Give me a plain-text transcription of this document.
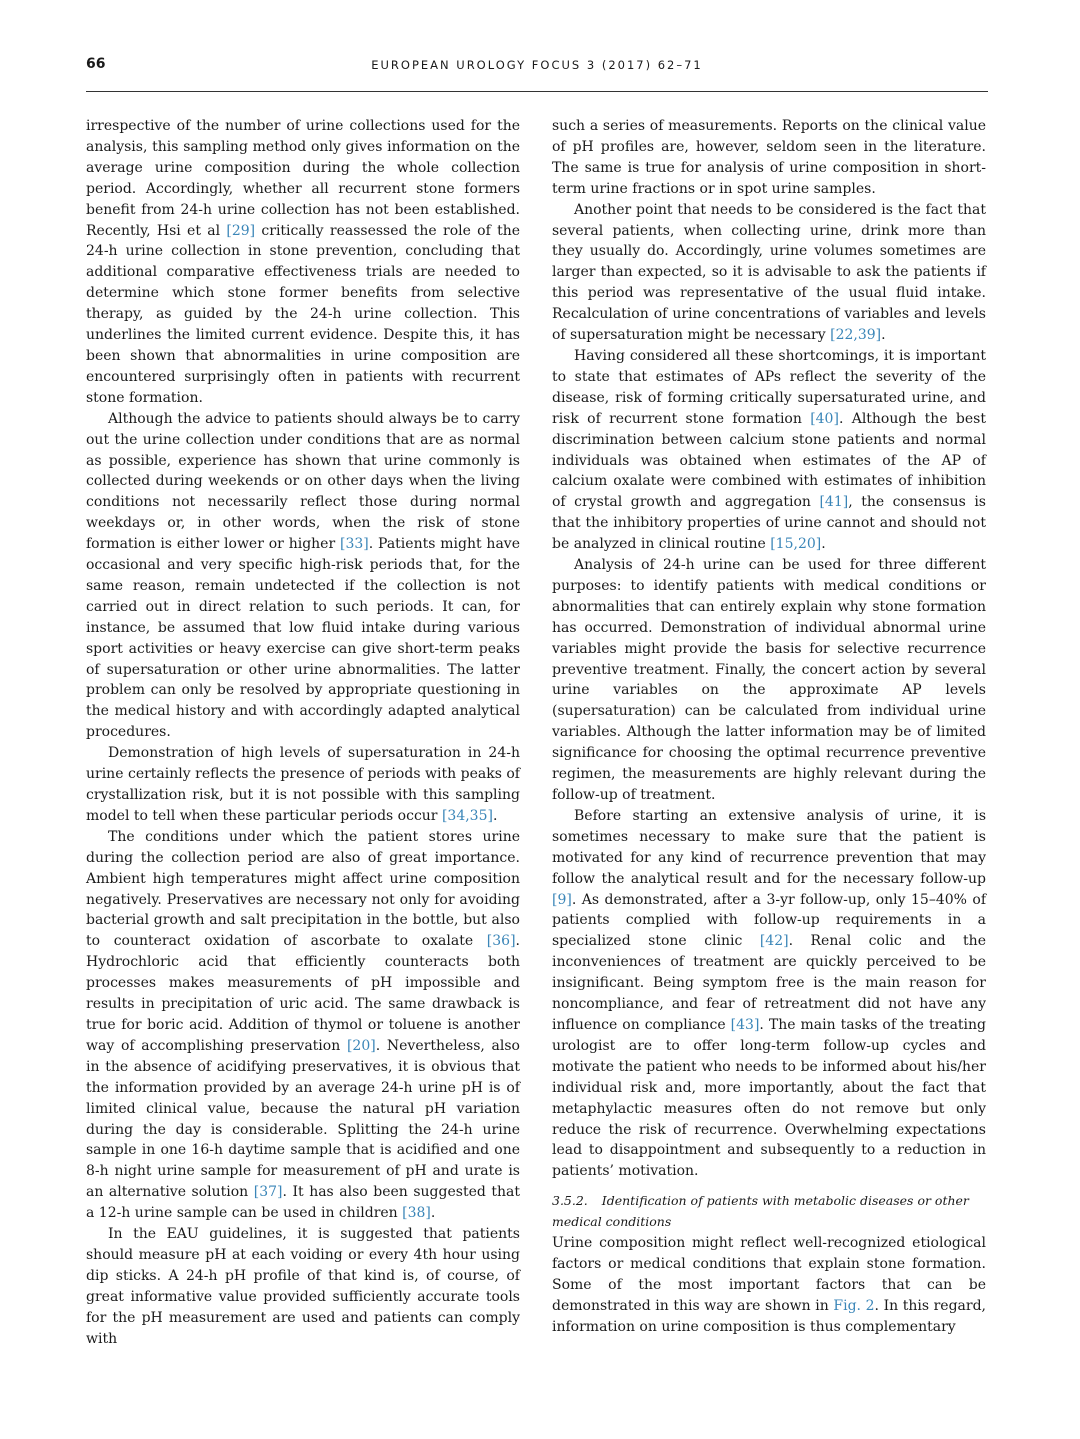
66	EUROPEAN UROLOGY FOCUS 3 (2017) 62–71

irrespective of the number of urine collections used for the analysis, this sampling method only gives information on the average urine composition during the whole collection period. Accordingly, whether all recurrent stone formers benefit from 24-h urine collection has not been established. Recently, Hsi et al [29] critically reassessed the role of the 24-h urine collection in stone prevention, concluding that additional comparative effectiveness trials are needed to determine which stone former benefits from selective therapy, as guided by the 24-h urine collection. This underlines the limited current evidence. Despite this, it has been shown that abnormalities in urine composition are encountered surprisingly often in patients with recurrent stone formation.

Although the advice to patients should always be to carry out the urine collection under conditions that are as normal as possible, experience has shown that urine commonly is collected during weekends or on other days when the living conditions not necessarily reflect those during normal weekdays or, in other words, when the risk of stone formation is either lower or higher [33]. Patients might have occasional and very specific high-risk periods that, for the same reason, remain undetected if the collection is not carried out in direct relation to such periods. It can, for instance, be assumed that low fluid intake during various sport activities or heavy exercise can give short-term peaks of supersaturation or other urine abnormalities. The latter problem can only be resolved by appropriate questioning in the medical history and with accordingly adapted analytical procedures.

Demonstration of high levels of supersaturation in 24-h urine certainly reflects the presence of periods with peaks of crystallization risk, but it is not possible with this sampling model to tell when these particular periods occur [34,35].

The conditions under which the patient stores urine during the collection period are also of great importance. Ambient high temperatures might affect urine composition negatively. Preservatives are necessary not only for avoiding bacterial growth and salt precipitation in the bottle, but also to counteract oxidation of ascorbate to oxalate [36]. Hydrochloric acid that efficiently counteracts both processes makes measurements of pH impossible and results in precipitation of uric acid. The same drawback is true for boric acid. Addition of thymol or toluene is another way of accomplishing preservation [20]. Nevertheless, also in the absence of acidifying preservatives, it is obvious that the information provided by an average 24-h urine pH is of limited clinical value, because the natural pH variation during the day is considerable. Splitting the 24-h urine sample in one 16-h daytime sample that is acidified and one 8-h night urine sample for measurement of pH and urate is an alternative solution [37]. It has also been suggested that a 12-h urine sample can be used in children [38].

In the EAU guidelines, it is suggested that patients should measure pH at each voiding or every 4th hour using dip sticks. A 24-h pH profile of that kind is, of course, of great informative value provided sufficiently accurate tools for the pH measurement are used and patients can comply with

such a series of measurements. Reports on the clinical value of pH profiles are, however, seldom seen in the literature. The same is true for analysis of urine composition in short-term urine fractions or in spot urine samples.

Another point that needs to be considered is the fact that several patients, when collecting urine, drink more than they usually do. Accordingly, urine volumes sometimes are larger than expected, so it is advisable to ask the patients if this period was representative of the usual fluid intake. Recalculation of urine concentrations of variables and levels of supersaturation might be necessary [22,39].

Having considered all these shortcomings, it is important to state that estimates of APs reflect the severity of the disease, risk of forming critically supersaturated urine, and risk of recurrent stone formation [40]. Although the best discrimination between calcium stone patients and normal individuals was obtained when estimates of the AP of calcium oxalate were combined with estimates of inhibition of crystal growth and aggregation [41], the consensus is that the inhibitory properties of urine cannot and should not be analyzed in clinical routine [15,20].

Analysis of 24-h urine can be used for three different purposes: to identify patients with medical conditions or abnormalities that can entirely explain why stone formation has occurred. Demonstration of individual abnormal urine variables might provide the basis for selective recurrence preventive treatment. Finally, the concert action by several urine variables on the approximate AP levels (supersaturation) can be calculated from individual urine variables. Although the latter information may be of limited significance for choosing the optimal recurrence preventive regimen, the measurements are highly relevant during the follow-up of treatment.

Before starting an extensive analysis of urine, it is sometimes necessary to make sure that the patient is motivated for any kind of recurrence prevention that may follow the analytical result and for the necessary follow-up [9]. As demonstrated, after a 3-yr follow-up, only 15–40% of patients complied with follow-up requirements in a specialized stone clinic [42]. Renal colic and the inconveniences of treatment are quickly perceived to be insignificant. Being symptom free is the main reason for noncompliance, and fear of retreatment did not have any influence on compliance [43]. The main tasks of the treating urologist are to offer long-term follow-up cycles and motivate the patient who needs to be informed about his/her individual risk and, more importantly, about the fact that metaphylactic measures often do not remove but only reduce the risk of recurrence. Overwhelming expectations lead to disappointment and subsequently to a reduction in patients’ motivation.

3.5.2. Identification of patients with metabolic diseases or other medical conditions

Urine composition might reflect well-recognized etiological factors or medical conditions that explain stone formation. Some of the most important factors that can be demonstrated in this way are shown in Fig. 2. In this regard, information on urine composition is thus complementary
